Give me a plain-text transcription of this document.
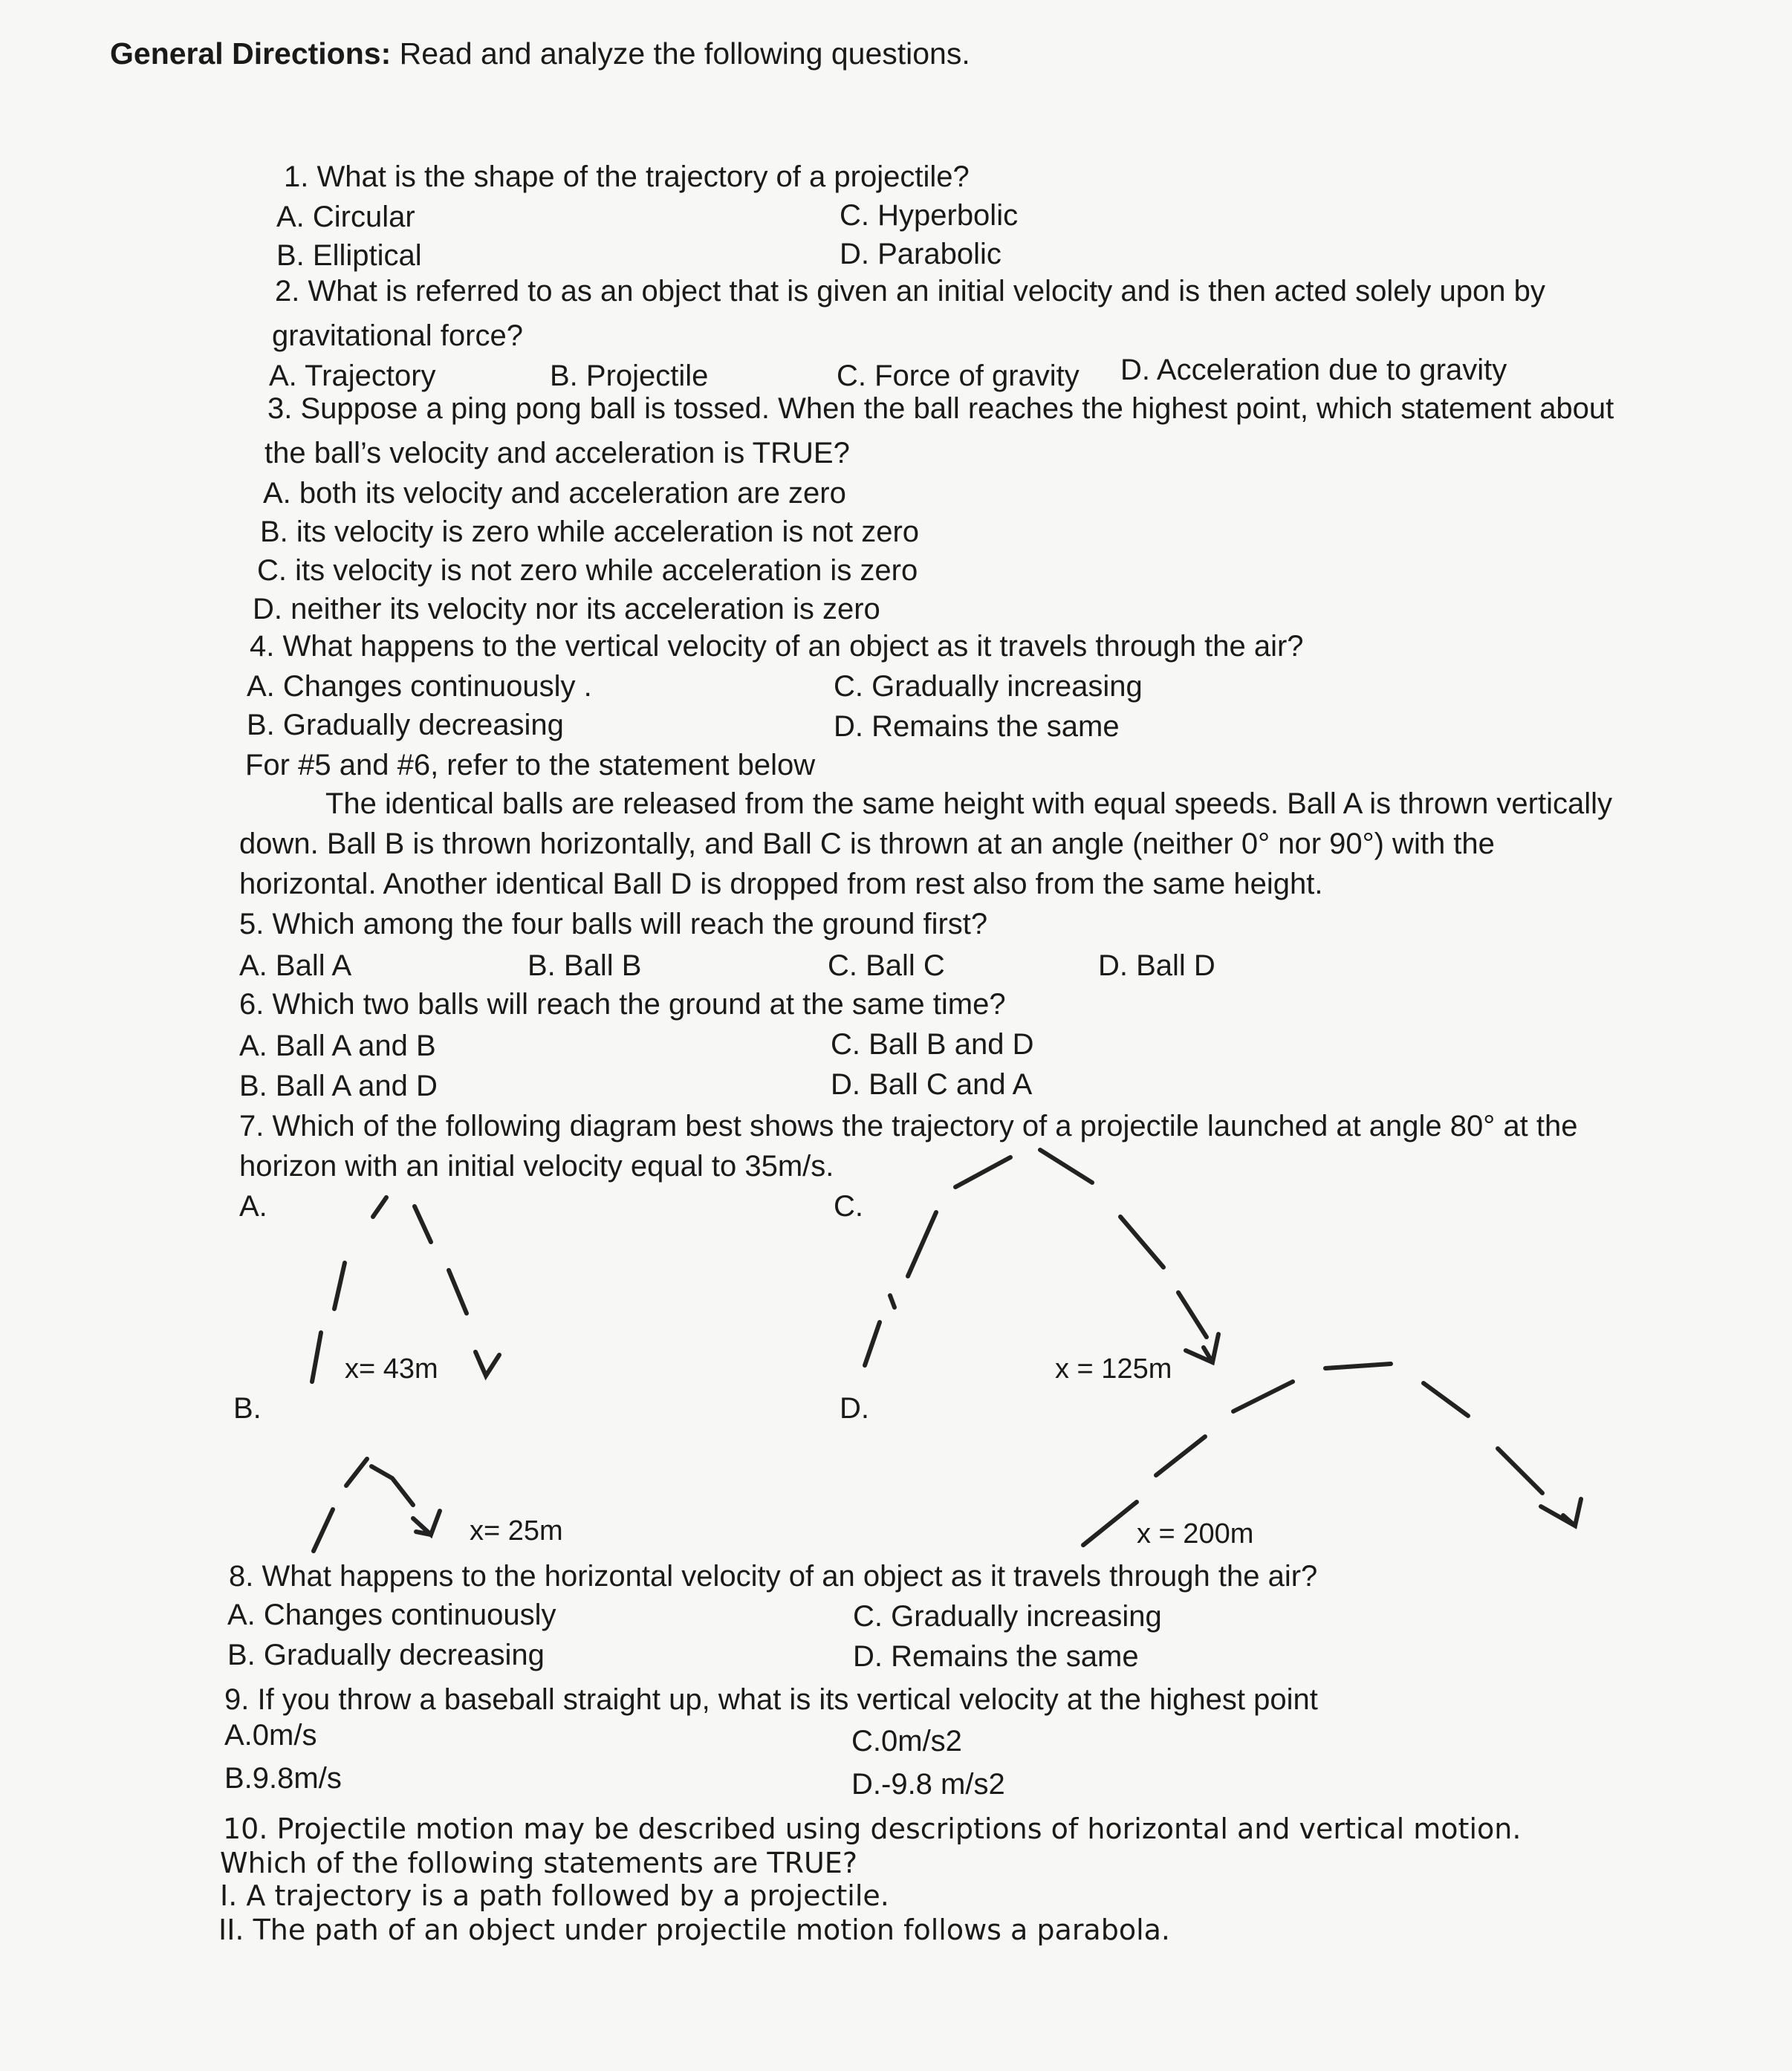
General Directions: Read and analyze the following questions.
1. What is the shape of the trajectory of a projectile?
A. Circular	C. Hyperbolic
B. Elliptical	D. Parabolic
2. What is referred to as an object that is given an initial velocity and is then acted solely upon by
gravitational force?
A. Trajectory	B. Projectile	C. Force of gravity D. Acceleration due to gravity
3. Suppose a ping pong ball is tossed. When the ball reaches the highest point, which statement about
the ball’s velocity and acceleration is TRUE?
A. both its velocity and acceleration are zero
B. its velocity is zero while acceleration is not zero
C. its velocity is not zero while acceleration is zero
D. neither its velocity nor its acceleration is zero
4. What happens to the vertical velocity of an object as it travels through the air?
A. Changes continuously .	C. Gradually increasing
B. Gradually decreasing	D. Remains the same
For #5 and #6, refer to the statement below
The identical balls are released from the same height with equal speeds. Ball A is thrown vertically
down. Ball B is thrown horizontally, and Ball C is thrown at an angle (neither 0° nor 90°) with the
horizontal. Another identical Ball D is dropped from rest also from the same height.
5. Which among the four balls will reach the ground first?
A. Ball A	B. Ball B	C. Ball C	D. Ball D
6. Which two balls will reach the ground at the same time?
A. Ball A and B	C. Ball B and D
B. Ball A and D	D. Ball C and A
7. Which of the following diagram best shows the trajectory of a projectile launched at angle 80° at the
horizon with an initial velocity equal to 35m/s.
A.	C.
B.	D.
x= 43m
x= 25m
x = 125m
x = 200m
8. What happens to the horizontal velocity of an object as it travels through the air?
A. Changes continuously	C. Gradually increasing
B. Gradually decreasing	D. Remains the same
9. If you throw a baseball straight up, what is its vertical velocity at the highest point
A.0m/s	C.0m/s2
B.9.8m/s	D.-9.8 m/s2
10. Projectile motion may be described using descriptions of horizontal and vertical motion.
Which of the following statements are TRUE?
I. A trajectory is a path followed by a projectile.
II. The path of an object under projectile motion follows a parabola.
